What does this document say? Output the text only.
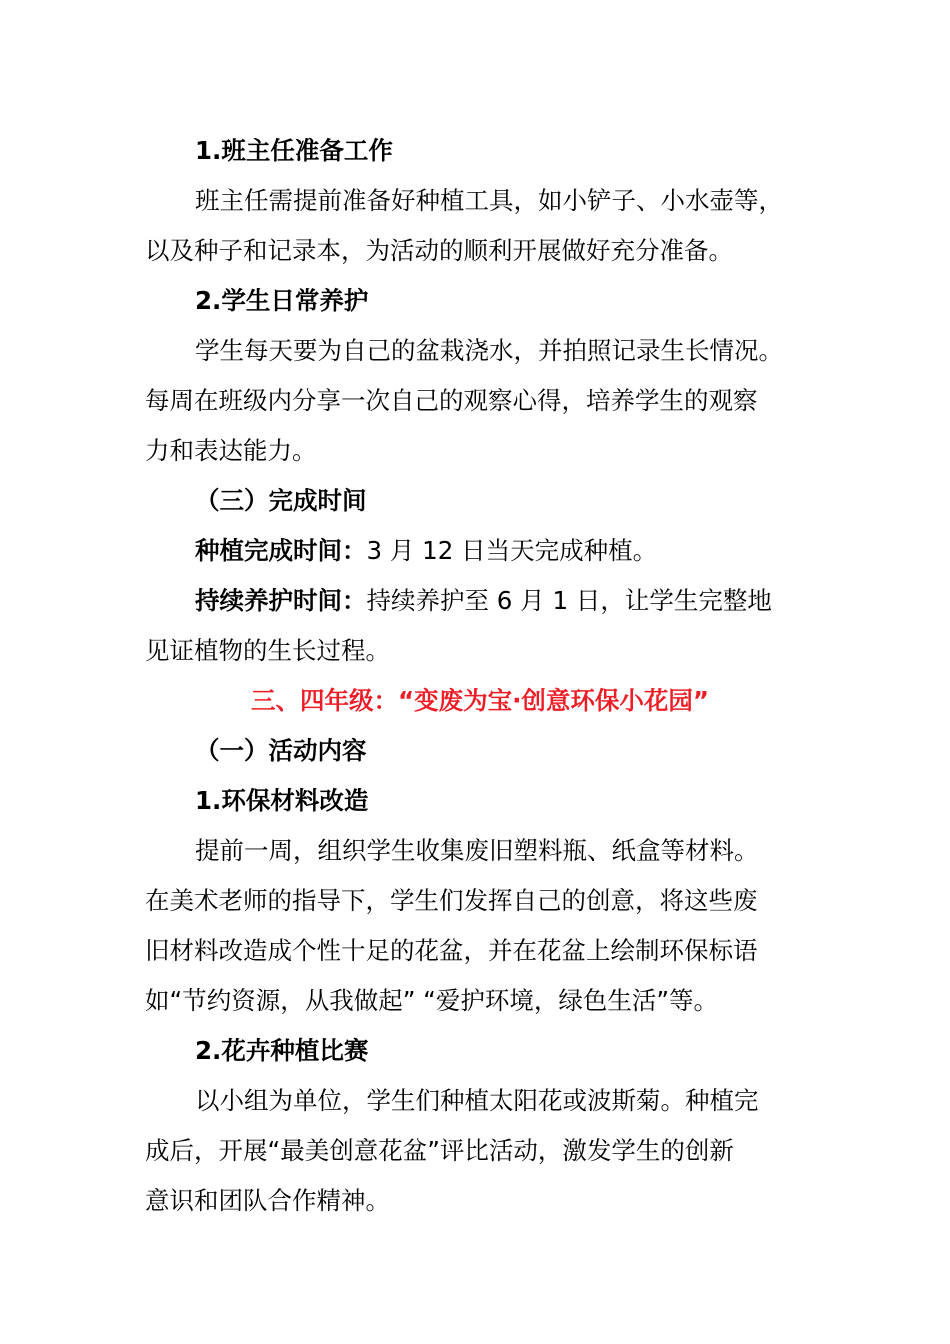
1.班主任准备工作
班主任需提前准备好种植工具，如小铲子、小水壶等，
以及种子和记录本，为活动的顺利开展做好充分准备。
2.学生日常养护
学生每天要为自己的盆栽浇水，并拍照记录生长情况。
每周在班级内分享一次自己的观察心得，培养学生的观察
力和表达能力。
（三）完成时间
种植完成时间：3 月 12 日当天完成种植。
持续养护时间：持续养护至 6 月 1 日，让学生完整地
见证植物的生长过程。
三、四年级：“变废为宝·创意环保小花园”
（一）活动内容
1.环保材料改造
提前一周，组织学生收集废旧塑料瓶、纸盒等材料。
在美术老师的指导下，学生们发挥自己的创意，将这些废
旧材料改造成个性十足的花盆，并在花盆上绘制环保标语
如“节约资源，从我做起” “爱护环境，绿色生活”等。
2.花卉种植比赛
以小组为单位，学生们种植太阳花或波斯菊。种植完
成后，开展“最美创意花盆”评比活动，激发学生的创新
意识和团队合作精神。
